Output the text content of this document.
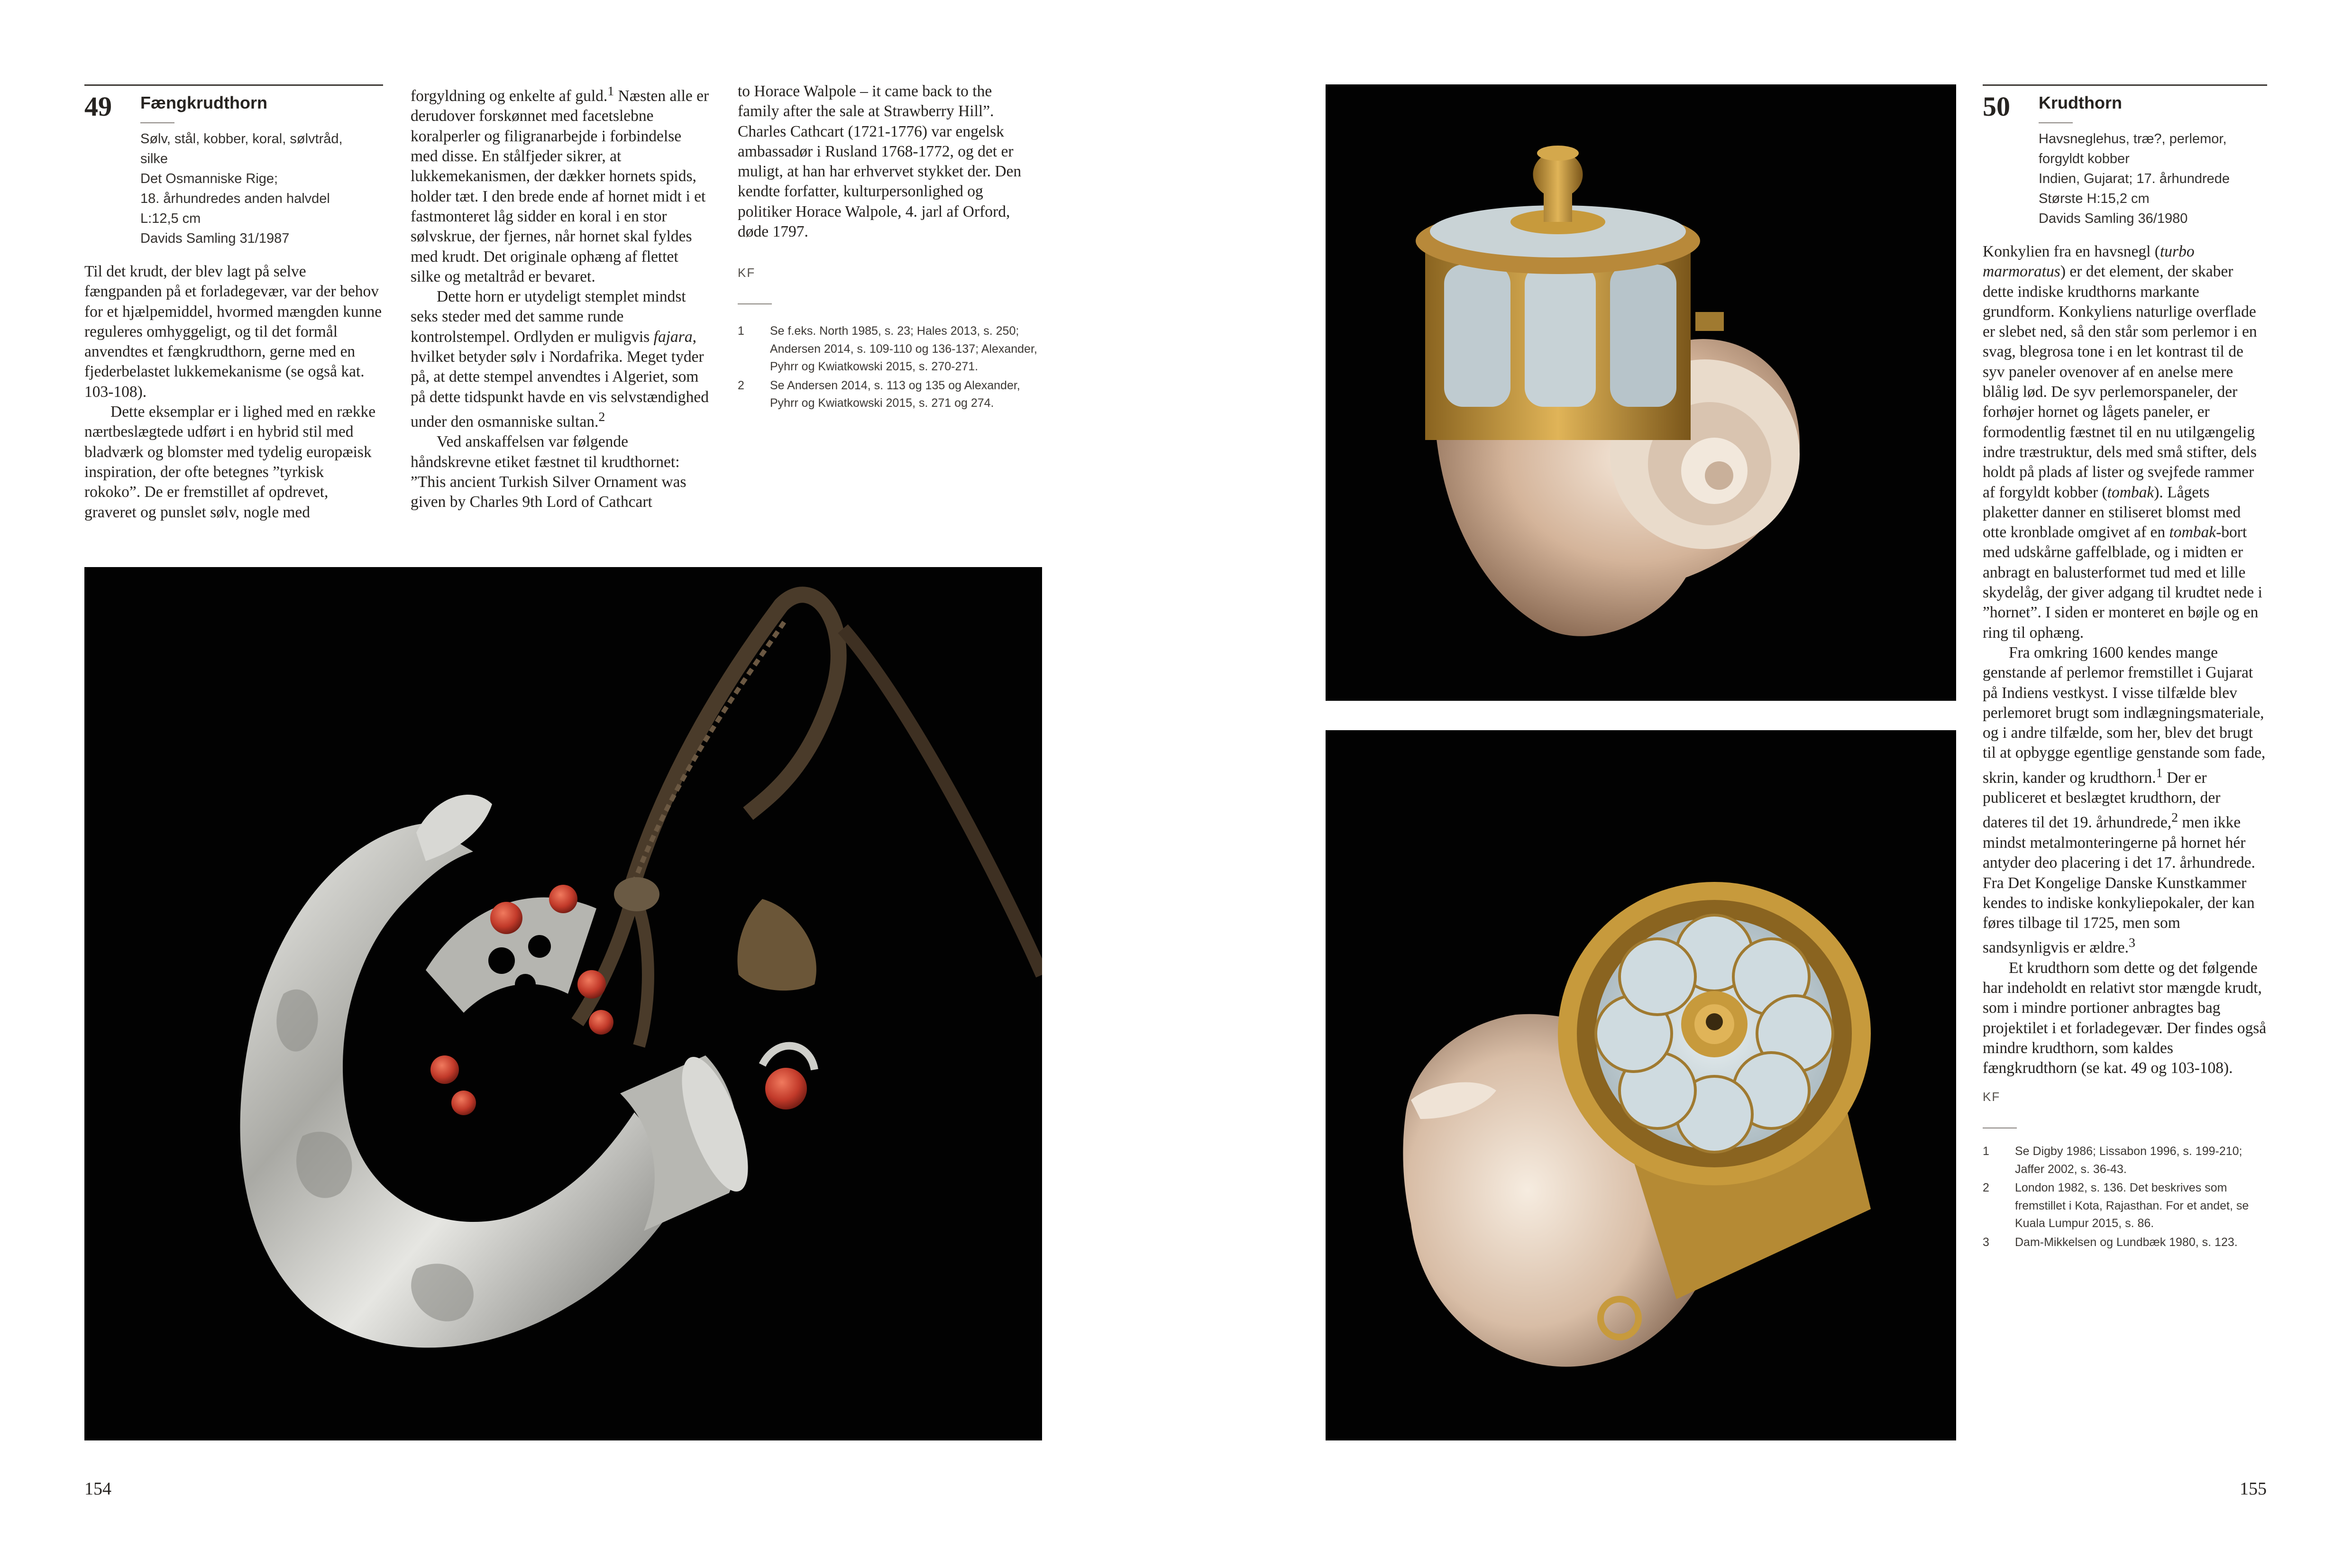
49 Fængkrudthorn
Sølv, stål, kobber, koral, sølvtråd,
silke
Det Osmanniske Rige;
18. århundredes anden halvdel
L:12,5 cm
Davids Samling 31/1987

Til det krudt, der blev lagt på selve fængpanden på et forladegevær, var der behov for et hjælpemiddel, hvormed mængden kunne reguleres omhyggeligt, og til det formål anvendtes et fængkrudthorn, gerne med en fjederbelastet lukkemekanisme (se også kat. 103-108).

Dette eksemplar er i lighed med en række nærtbeslægtede udført i en hybrid stil med bladværk og blomster med tydelig europæisk inspiration, der ofte betegnes ”tyrkisk rokoko”. De er fremstillet af opdrevet, graveret og punslet sølv, nogle med

forgyldning og enkelte af guld.$^1$ Næsten alle er derudover forskønnet med facetslebne koralperler og filigranarbejde i forbindelse med disse. En stålfjeder sikrer, at lukkemekanismen, der dækker hornets spids, holder tæt. I den brede ende af hornet midt i et fastmonteret låg sidder en koral i en stor sølvskrue, der fjernes, når hornet skal fyldes med krudt. Det originale ophæng af flettet silke og metaltråd er bevaret.

Dette horn er utydeligt stemplet mindst seks steder med det samme runde kontrolstempel. Ordlyden er muligvis fajara, hvilket betyder sølv i Nordafrika. Meget tyder på, at dette stempel anvendtes i Algeriet, som på dette tidspunkt havde en vis selvstændighed under den osmanniske sultan.$^2$

Ved anskaffelsen var følgende håndskrevne etiket fæstnet til krudthornet: ”This ancient Turkish Silver Ornament was given by Charles 9th Lord of Cathcart

to Horace Walpole – it came back to the family after the sale at Strawberry Hill”. Charles Cathcart (1721-1776) var engelsk ambassadør i Rusland 1768-1772, og det er muligt, at han har erhvervet stykket der. Den kendte forfatter, kulturpersonlighed og politiker Horace Walpole, 4. jarl af Orford, døde 1797.

KF
1	Se f.eks. North 1985, s. 23; Hales 2013, s. 250; Andersen 2014, s. 109-110 og 136-137; Alexander, Pyhrr og Kwiatkowski 2015, s. 270-271.
2	Se Andersen 2014, s. 113 og 135 og Alexander, Pyhrr og Kwiatkowski 2015, s. 271 og 274.
154
50 Krudthorn
Havsneglehus, træ?, perlemor,
forgyldt kobber
Indien, Gujarat; 17. århundrede
Største H:15,2 cm
Davids Samling 36/1980

Konkylien fra en havsnegl (turbo marmoratus) er det element, der skaber dette indiske krudthorns markante grundform. Konkyliens naturlige overflade er slebet ned, så den står som perlemor i en svag, blegrosa tone i en let kontrast til de syv paneler ovenover af en anelse mere blålig lød. De syv perlemorspaneler, der forhøjer hornet og lågets paneler, er formodentlig fæstnet til en nu utilgængelig indre træstruktur, dels med små stifter, dels holdt på plads af lister og svejfede rammer af forgyldt kobber (tombak). Lågets plaketter danner en stiliseret blomst med otte kronblade omgivet af en tombak-bort med udskårne gaffelblade, og i midten er anbragt en balusterformet tud med et lille skydelåg, der giver adgang til krudtet nede i ”hornet”. I siden er monteret en bøjle og en ring til ophæng.

Fra omkring 1600 kendes mange genstande af perlemor fremstillet i Gujarat på Indiens vestkyst. I visse tilfælde blev perlemoret brugt som indlægningsmateriale, og i andre tilfælde, som her, blev det brugt til at opbygge egentlige genstande som fade, skrin, kander og krudthorn.$^1$ Der er publiceret et beslægtet krudthorn, der dateres til det 19. århundrede,$^2$ men ikke mindst metalmonteringerne på hornet hér antyder deo placering i det 17. århundrede. Fra Det Kongelige Danske Kunstkammer kendes to indiske konkyliepokaler, der kan føres tilbage til 1725, men som sandsynligvis er ældre.$^3$

Et krudthorn som dette og det følgende har indeholdt en relativt stor mængde krudt, som i mindre portioner anbragtes bag projektilet i et forladegevær. Der findes også mindre krudthorn, som kaldes fængkrudthorn (se kat. 49 og 103-108).

KF
1	Se Digby 1986; Lissabon 1996, s. 199-210; Jaffer 2002, s. 36-43.
2	London 1982, s. 136. Det beskrives som fremstillet i Kota, Rajasthan. For et andet, se Kuala Lumpur 2015, s. 86.
3	Dam-Mikkelsen og Lundbæk 1980, s. 123.
155
